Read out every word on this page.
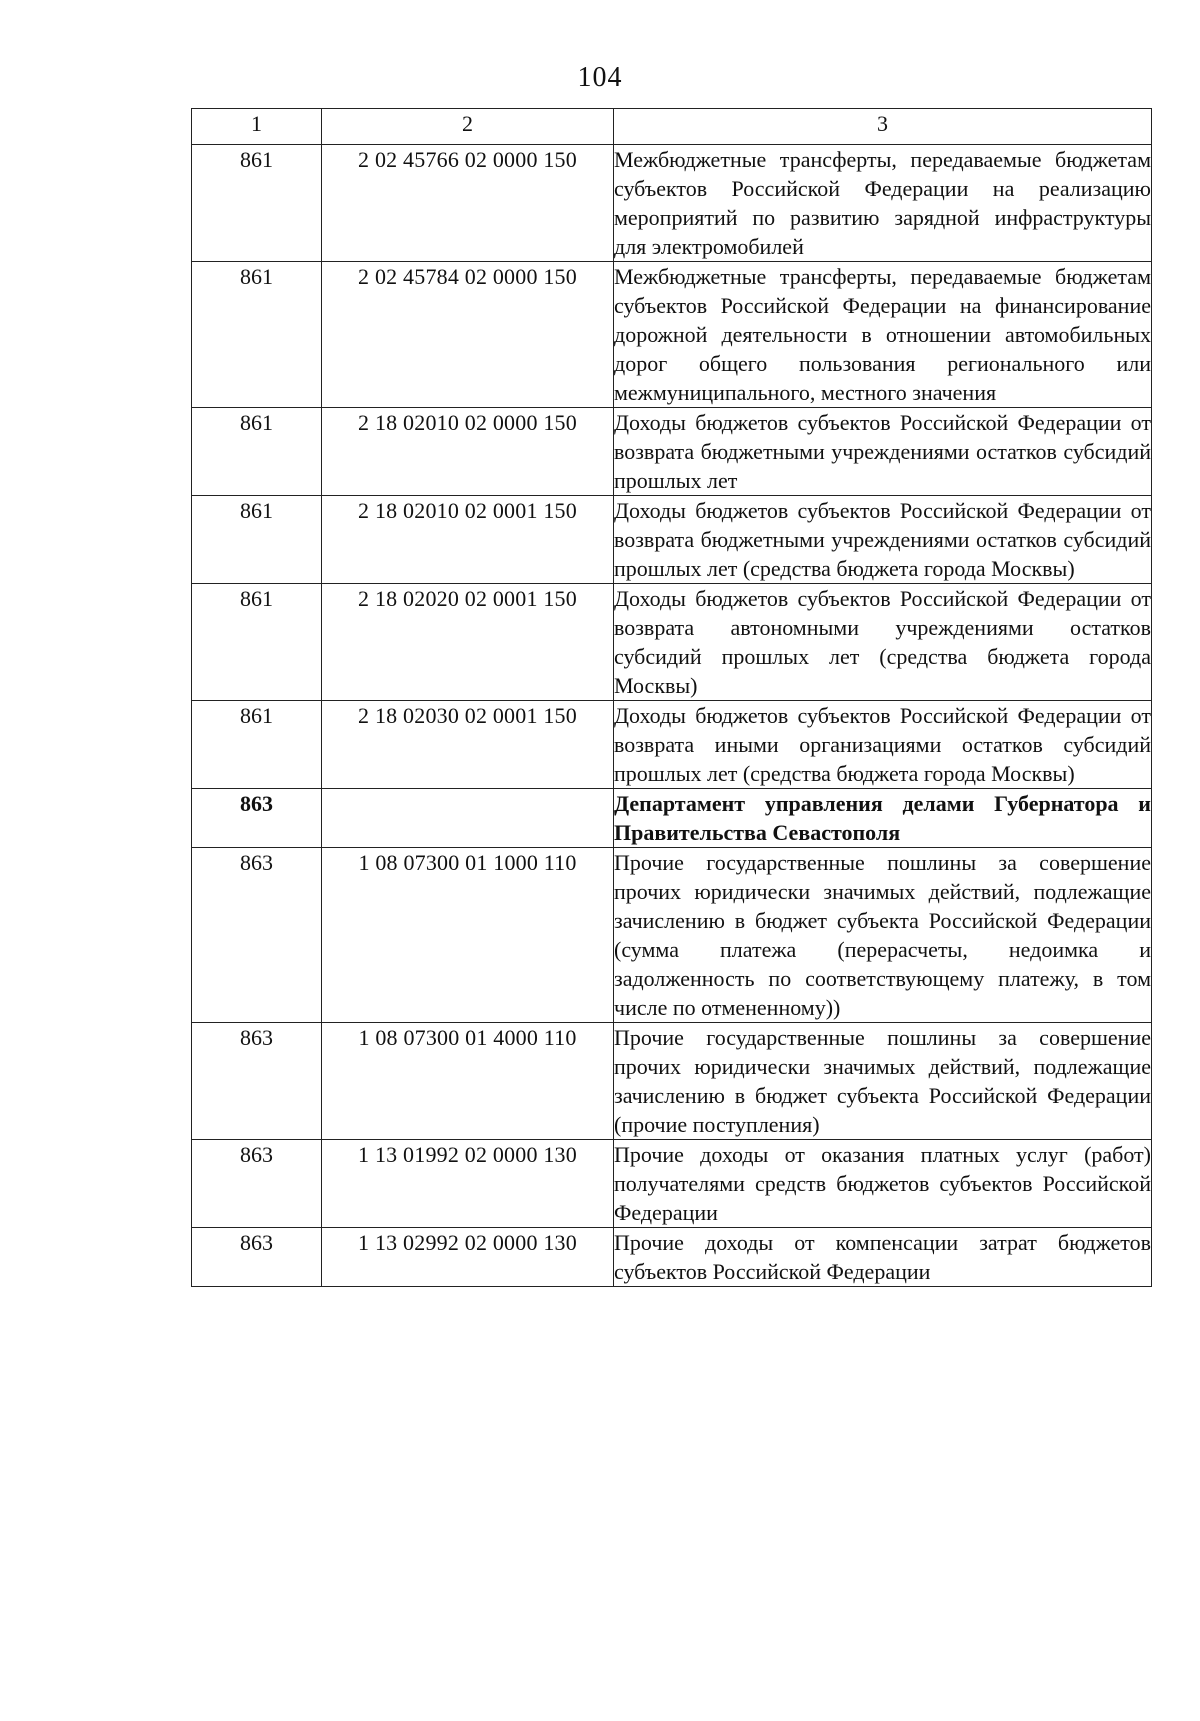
104
1	2	3
861	2 02 45766 02 0000 150	Межбюджетные трансферты, передаваемые бюджетам субъектов Российской Федерации на реализацию мероприятий по развитию зарядной инфраструктуры для электромобилей
861	2 02 45784 02 0000 150	Межбюджетные трансферты, передаваемые бюджетам субъектов Российской Федерации на финансирование дорожной деятельности в отношении автомобильных дорог общего пользования регионального или межмуниципального, местного значения
861	2 18 02010 02 0000 150	Доходы бюджетов субъектов Российской Федерации от возврата бюджетными учреждениями остатков субсидий прошлых лет
861	2 18 02010 02 0001 150	Доходы бюджетов субъектов Российской Федерации от возврата бюджетными учреждениями остатков субсидий прошлых лет (средства бюджета города Москвы)
861	2 18 02020 02 0001 150	Доходы бюджетов субъектов Российской Федерации от возврата автономными учреждениями остатков субсидий прошлых лет (средства бюджета города Москвы)
861	2 18 02030 02 0001 150	Доходы бюджетов субъектов Российской Федерации от возврата иными организациями остатков субсидий прошлых лет (средства бюджета города Москвы)
863		Департамент управления делами Губернатора и Правительства Севастополя
863	1 08 07300 01 1000 110	Прочие государственные пошлины за совершение прочих юридически значимых действий, подлежащие зачислению в бюджет субъекта Российской Федерации (сумма платежа (перерасчеты, недоимка и задолженность по соответствующему платежу, в том числе по отмененному))
863	1 08 07300 01 4000 110	Прочие государственные пошлины за совершение прочих юридически значимых действий, подлежащие зачислению в бюджет субъекта Российской Федерации (прочие поступления)
863	1 13 01992 02 0000 130	Прочие доходы от оказания платных услуг (работ) получателями средств бюджетов субъектов Российской Федерации
863	1 13 02992 02 0000 130	Прочие доходы от компенсации затрат бюджетов субъектов Российской Федерации
